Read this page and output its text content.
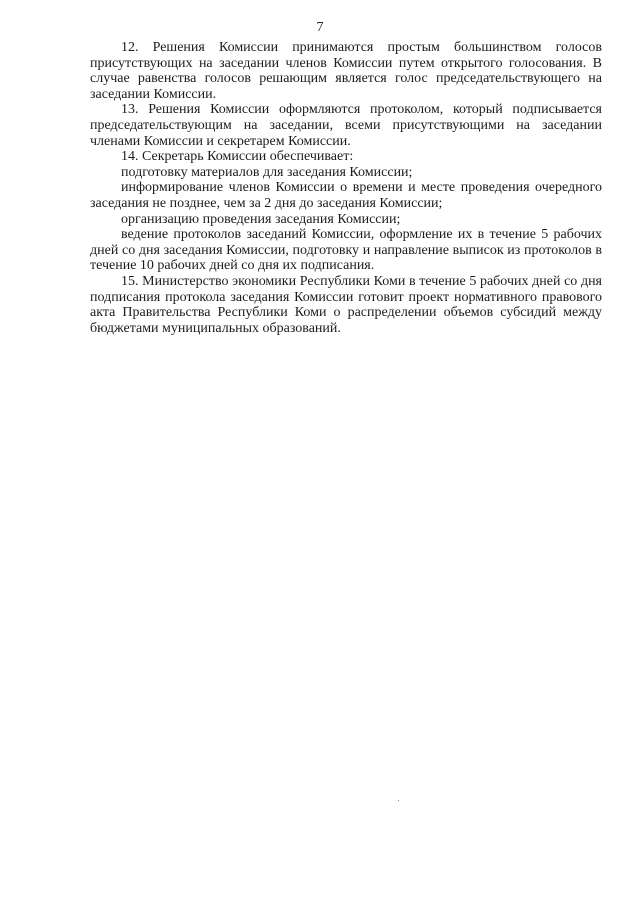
7

12. Решения Комиссии принимаются простым большинством голосов присутствующих на заседании членов Комиссии путем открытого голосования. В случае равенства голосов решающим является голос председательствующего на заседании Комиссии.

13. Решения Комиссии оформляются протоколом, который подписывается председательствующим на заседании, всеми присутствующими на заседании членами Комиссии и секретарем Комиссии.

14. Секретарь Комиссии обеспечивает:

подготовку материалов для заседания Комиссии;

информирование членов Комиссии о времени и месте проведения очередного заседания не позднее, чем за 2 дня до заседания Комиссии;

организацию проведения заседания Комиссии;

ведение протоколов заседаний Комиссии, оформление их в течение 5 рабочих дней со дня заседания Комиссии, подготовку и направление выписок из протоколов в течение 10 рабочих дней со дня их подписания.

15. Министерство экономики Республики Коми в течение 5 рабочих дней со дня подписания протокола заседания Комиссии готовит проект нормативного правового акта Правительства Республики Коми о распределении объемов субсидий между бюджетами муниципальных образований.
